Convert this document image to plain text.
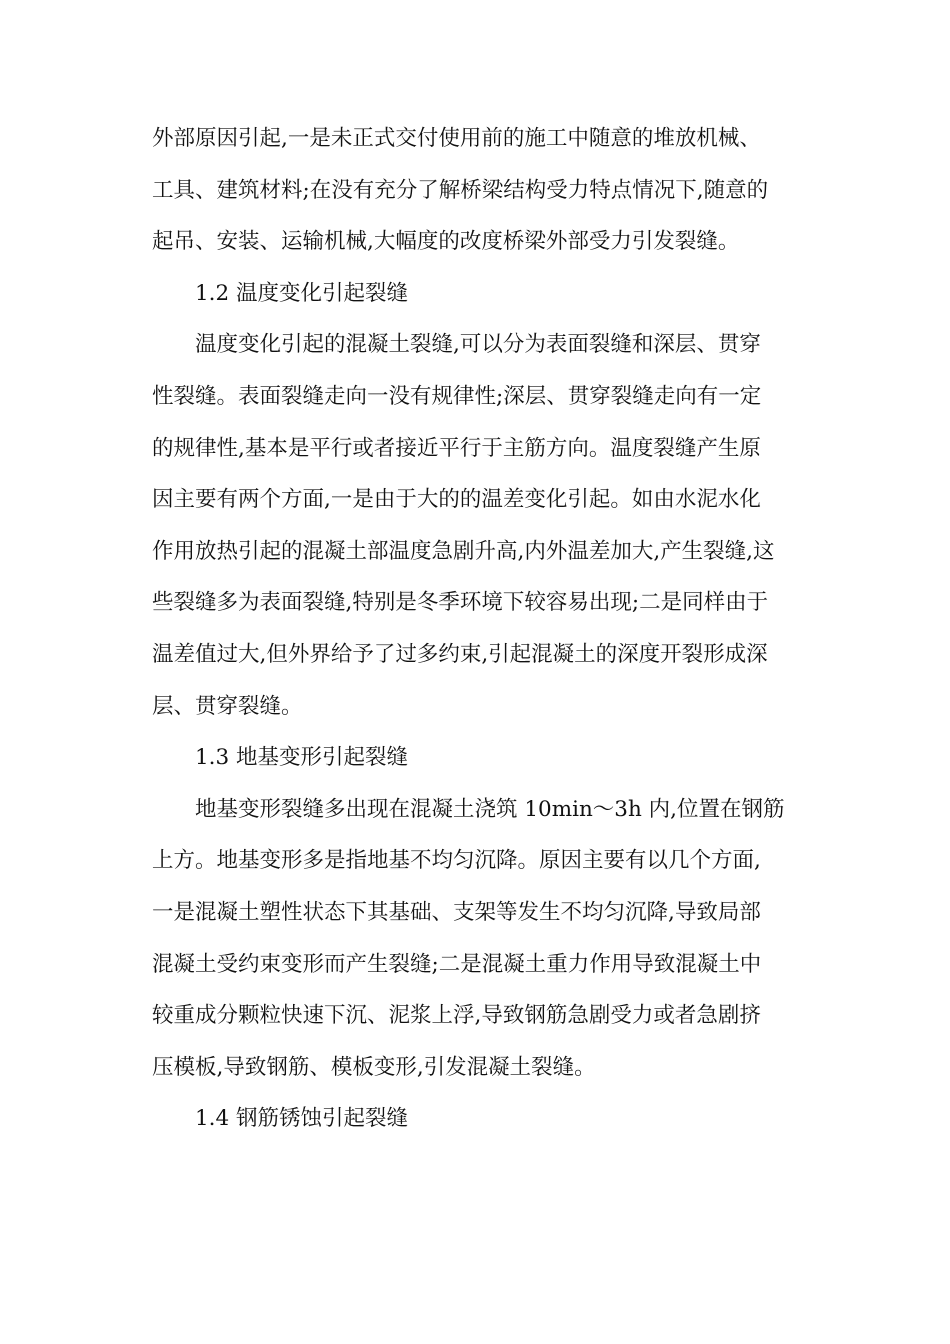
外部原因引起,一是未正式交付使用前的施工中随意的堆放机械、
工具、建筑材料;在没有充分了解桥梁结构受力特点情况下,随意的
起吊、安装、运输机械,大幅度的改度桥梁外部受力引发裂缝。
1.2 温度变化引起裂缝
温度变化引起的混凝土裂缝,可以分为表面裂缝和深层、贯穿
性裂缝。表面裂缝走向一没有规律性;深层、贯穿裂缝走向有一定
的规律性,基本是平行或者接近平行于主筋方向。温度裂缝产生原
因主要有两个方面,一是由于大的的温差变化引起。如由水泥水化
作用放热引起的混凝土部温度急剧升高,内外温差加大,产生裂缝,这
些裂缝多为表面裂缝,特别是冬季环境下较容易出现;二是同样由于
温差值过大,但外界给予了过多约束,引起混凝土的深度开裂形成深
层、贯穿裂缝。
1.3 地基变形引起裂缝
地基变形裂缝多出现在混凝土浇筑 10min～3h 内,位置在钢筋
上方。地基变形多是指地基不均匀沉降。原因主要有以几个方面,
一是混凝土塑性状态下其基础、支架等发生不均匀沉降,导致局部
混凝土受约束变形而产生裂缝;二是混凝土重力作用导致混凝土中
较重成分颗粒快速下沉、泥浆上浮,导致钢筋急剧受力或者急剧挤
压模板,导致钢筋、模板变形,引发混凝土裂缝。
1.4 钢筋锈蚀引起裂缝
